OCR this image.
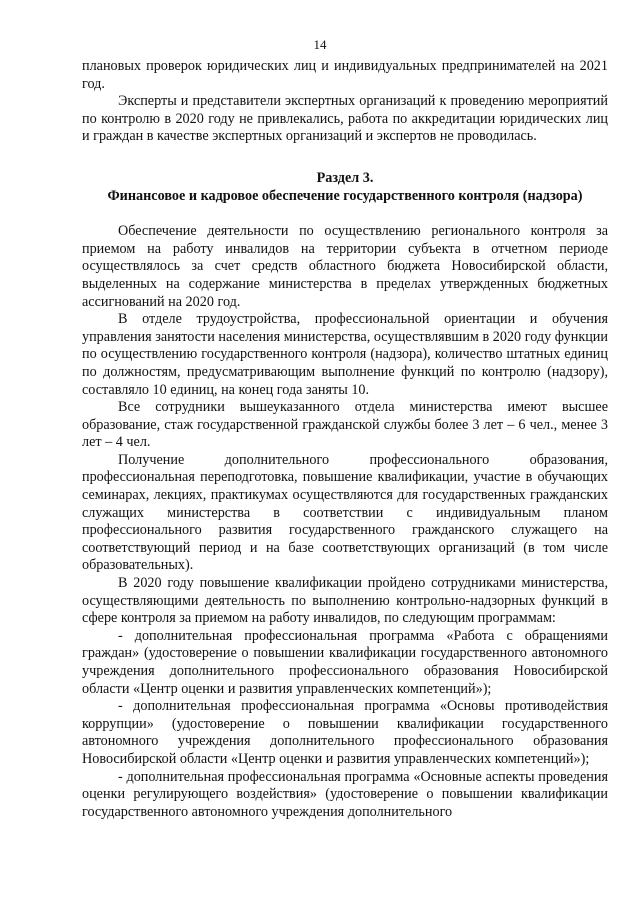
14

плановых проверок юридических лиц и индивидуальных предпринимателей на 2021 год.

Эксперты и представители экспертных организаций к проведению мероприятий по контролю в 2020 году не привлекались, работа по аккредитации юридических лиц и граждан в качестве экспертных организаций и экспертов не проводилась.

Раздел 3.
Финансовое и кадровое обеспечение государственного контроля (надзора)

Обеспечение деятельности по осуществлению регионального контроля за приемом на работу инвалидов на территории субъекта в отчетном периоде осуществлялось за счет средств областного бюджета Новосибирской области, выделенных на содержание министерства в пределах утвержденных бюджетных ассигнований на 2020 год.

В отделе трудоустройства, профессиональной ориентации и обучения управления занятости населения министерства, осуществлявшим в 2020 году функции по осуществлению государственного контроля (надзора), количество штатных единиц по должностям, предусматривающим выполнение функций по контролю (надзору), составляло 10 единиц, на конец года заняты 10.

Все сотрудники вышеуказанного отдела министерства имеют высшее образование, стаж государственной гражданской службы более 3 лет – 6 чел., менее 3 лет – 4 чел.

Получение дополнительного профессионального образования, профессиональная переподготовка, повышение квалификации, участие в обучающих семинарах, лекциях, практикумах осуществляются для государственных гражданских служащих министерства в соответствии с индивидуальным планом профессионального развития государственного гражданского служащего на соответствующий период и на базе соответствующих организаций (в том числе образовательных).

В 2020 году повышение квалификации пройдено сотрудниками министерства, осуществляющими деятельность по выполнению контрольно-надзорных функций в сфере контроля за приемом на работу инвалидов, по следующим программам:

- дополнительная профессиональная программа «Работа с обращениями граждан» (удостоверение о повышении квалификации государственного автономного учреждения дополнительного профессионального образования Новосибирской области «Центр оценки и развития управленческих компетенций»);

- дополнительная профессиональная программа «Основы противодействия коррупции» (удостоверение о повышении квалификации государственного автономного учреждения дополнительного профессионального образования Новосибирской области «Центр оценки и развития управленческих компетенций»);

- дополнительная профессиональная программа «Основные аспекты проведения оценки регулирующего воздействия» (удостоверение о повышении квалификации государственного автономного учреждения дополнительного
